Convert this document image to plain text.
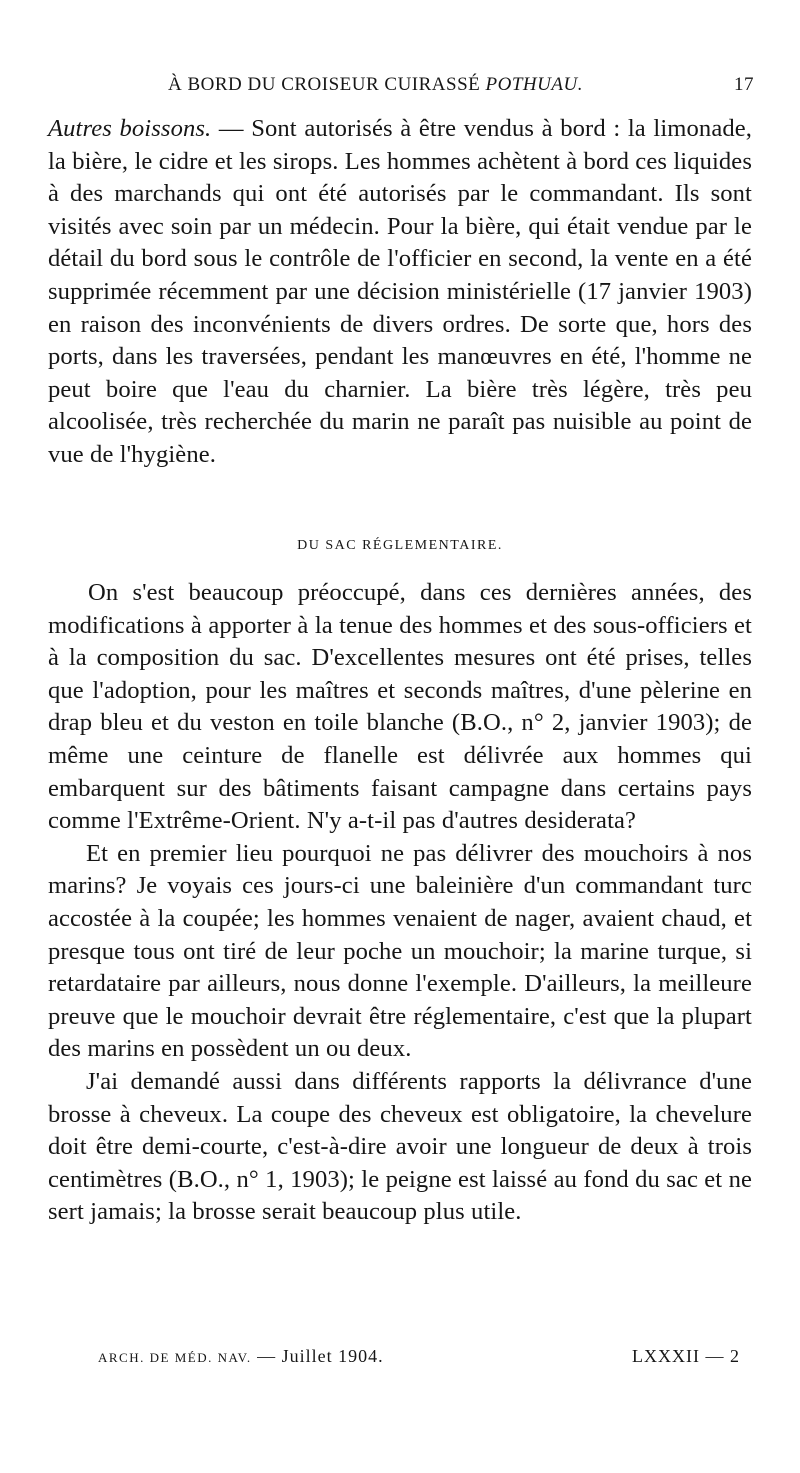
À BORD DU CROISEUR CUIRASSÉ POTHUAU.	17

Autres boissons. — Sont autorisés à être vendus à bord : la limonade, la bière, le cidre et les sirops. Les hommes achètent à bord ces liquides à des marchands qui ont été autorisés par le commandant. Ils sont visités avec soin par un médecin. Pour la bière, qui était vendue par le détail du bord sous le contrôle de l'officier en second, la vente en a été supprimée récemment par une décision ministérielle (17 janvier 1903) en raison des inconvénients de divers ordres. De sorte que, hors des ports, dans les traversées, pendant les manœuvres en été, l'homme ne peut boire que l'eau du charnier. La bière très légère, très peu alcoolisée, très recherchée du marin ne paraît pas nuisible au point de vue de l'hygiène.

DU SAC RÉGLEMENTAIRE.

On s'est beaucoup préoccupé, dans ces dernières années, des modifications à apporter à la tenue des hommes et des sous-officiers et à la composition du sac. D'excellentes mesures ont été prises, telles que l'adoption, pour les maîtres et seconds maîtres, d'une pèlerine en drap bleu et du veston en toile blanche (B.O., n° 2, janvier 1903); de même une ceinture de flanelle est délivrée aux hommes qui embarquent sur des bâtiments faisant campagne dans certains pays comme l'Extrême-Orient. N'y a-t-il pas d'autres desiderata?

Et en premier lieu pourquoi ne pas délivrer des mouchoirs à nos marins? Je voyais ces jours-ci une baleinière d'un commandant turc accostée à la coupée; les hommes venaient de nager, avaient chaud, et presque tous ont tiré de leur poche un mouchoir; la marine turque, si retardataire par ailleurs, nous donne l'exemple. D'ailleurs, la meilleure preuve que le mouchoir devrait être réglementaire, c'est que la plupart des marins en possèdent un ou deux.

J'ai demandé aussi dans différents rapports la délivrance d'une brosse à cheveux. La coupe des cheveux est obligatoire, la chevelure doit être demi-courte, c'est-à-dire avoir une longueur de deux à trois centimètres (B.O., n° 1, 1903); le peigne est laissé au fond du sac et ne sert jamais; la brosse serait beaucoup plus utile.

ARCH. DE MÉD. NAV. — Juillet 1904.	LXXXII — 2
